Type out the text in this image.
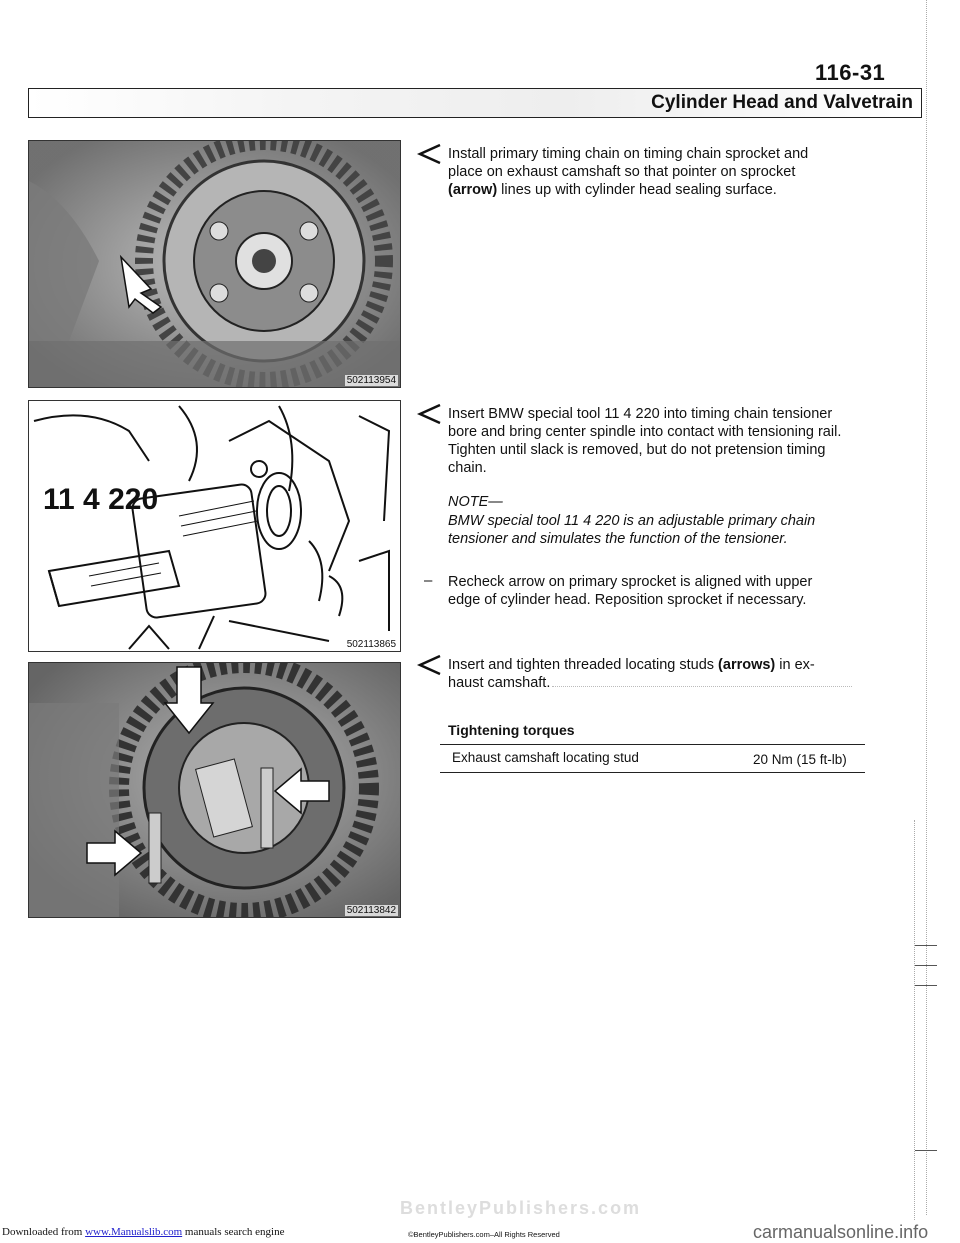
116-31
Cylinder Head and Valvetrain
502113954
11 4 220
502113865
502113842
Install primary timing chain on timing chain sprocket and
place on exhaust camshaft so that pointer on sprocket
(arrow) lines up with cylinder head sealing surface.
Insert BMW special tool 11 4 220 into timing chain tensioner
bore and bring center spindle into contact with tensioning rail.
Tighten until slack is removed, but do not pretension timing
chain.
NOTE—
BMW special tool 11 4 220 is an adjustable primary chain
tensioner and simulates the function of the tensioner.
– Recheck arrow on primary sprocket is aligned with upper
edge of cylinder head. Reposition sprocket if necessary.
Insert and tighten threaded locating studs (arrows) in ex-
haust camshaft.
Tightening torques
Exhaust camshaft locating stud	20 Nm (15 ft-lb)
BentleyPublishers.com
Downloaded from www.Manualslib.com manuals search engine	©BentleyPublishers.com–All Rights Reserved	carmanualsonline.info
